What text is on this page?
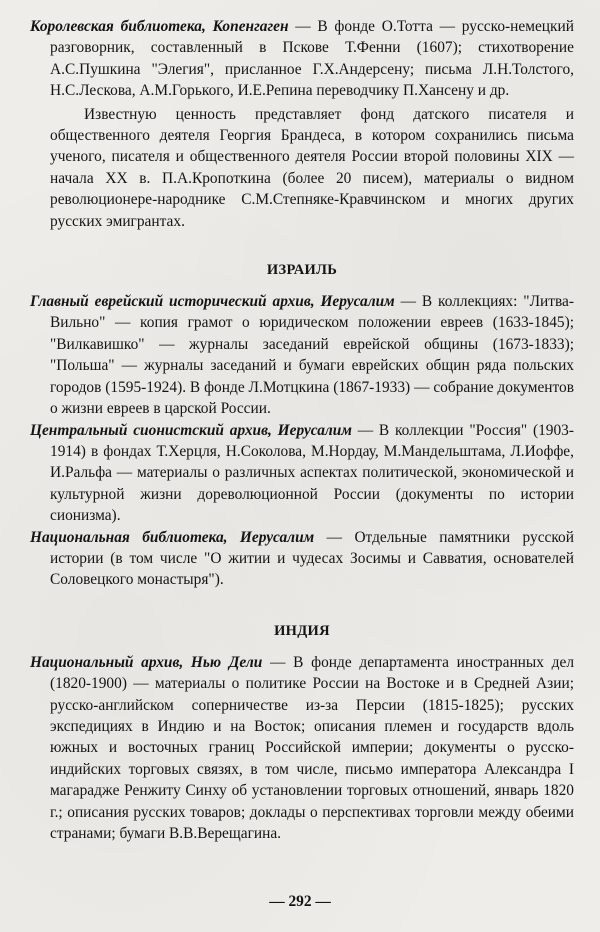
Королевская библиотека, Копенгаген — В фонде О.Тотта — русско-немецкий разговорник, составленный в Пскове Т.Фенни (1607); стихотворение А.С.Пушкина "Элегия", присланное Г.Х.Андерсену; письма Л.Н.Толстого, Н.С.Лескова, А.М.Горького, И.Е.Репина переводчику П.Хансену и др.

Известную ценность представляет фонд датского писателя и общественного деятеля Георгия Брандеса, в котором сохранились письма ученого, писателя и общественного деятеля России второй половины XIX — начала XX в. П.А.Кропоткина (более 20 писем), материалы о видном революционере-народнике С.М.Степняке-Кравчинском и многих других русских эмигрантах.

ИЗРАИЛЬ

Главный еврейский исторический архив, Иерусалим — В коллекциях: "Литва-Вильно" — копия грамот о юридическом положении евреев (1633-1845); "Вилкавишко" — журналы заседаний еврейской общины (1673-1833); "Польша" — журналы заседаний и бумаги еврейских общин ряда польских городов (1595-1924). В фонде Л.Мотцкина (1867-1933) — собрание документов о жизни евреев в царской России.

Центральный сионистский архив, Иерусалим — В коллекции "Россия" (1903-1914) в фондах Т.Херцля, Н.Соколова, М.Нордау, М.Мандельштама, Л.Иоффе, И.Ральфа — материалы о различных аспектах политической, экономической и культурной жизни дореволюционной России (документы по истории сионизма).

Национальная библиотека, Иерусалим — Отдельные памятники русской истории (в том числе "О житии и чудесах Зосимы и Савватия, основателей Соловецкого монастыря").

ИНДИЯ

Национальный архив, Нью Дели — В фонде департамента иностранных дел (1820-1900) — материалы о политике России на Востоке и в Средней Азии; русско-английском соперничестве из-за Персии (1815-1825); русских экспедициях в Индию и на Восток; описания племен и государств вдоль южных и восточных границ Российской империи; документы о русско-индийских торговых связях, в том числе, письмо императора Александра I магараджe Ренжиту Синху об установлении торговых отношений, январь 1820 г.; описания русских товаров; доклады о перспективах торговли между обеими странами; бумаги В.В.Верещагина.

— 292 —
